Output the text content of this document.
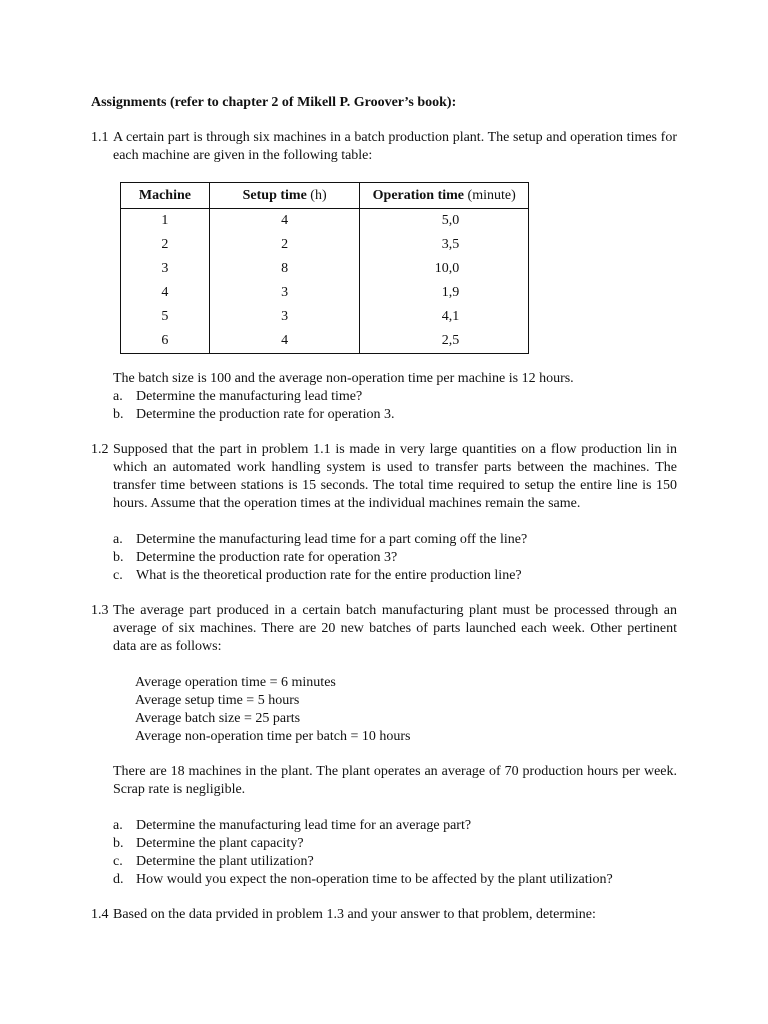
Assignments (refer to chapter 2 of Mikell P. Groover’s book):
1.1 A certain part is through six machines in a batch production plant. The setup and operation times for each machine are given in the following table:
Machine	Setup time (h)	Operation time (minute)
1	4	5,0
2	2	3,5
3	8	10,0
4	3	1,9
5	3	4,1
6	4	2,5
The batch size is 100 and the average non-operation time per machine is 12 hours.
a. Determine the manufacturing lead time?
b. Determine the production rate for operation 3.
1.2 Supposed that the part in problem 1.1 is made in very large quantities on a flow production lin in which an automated work handling system is used to transfer parts between the machines. The transfer time between stations is 15 seconds. The total time required to setup the entire line is 150 hours. Assume that the operation times at the individual machines remain the same.
a. Determine the manufacturing lead time for a part coming off the line?
b. Determine the production rate for operation 3?
c. What is the theoretical production rate for the entire production line?
1.3 The average part produced in a certain batch manufacturing plant must be processed through an average of six machines. There are 20 new batches of parts launched each week. Other pertinent data are as follows:
Average operation time = 6 minutes
Average setup time = 5 hours
Average batch size = 25 parts
Average non-operation time per batch = 10 hours
There are 18 machines in the plant. The plant operates an average of 70 production hours per week. Scrap rate is negligible.
a. Determine the manufacturing lead time for an average part?
b. Determine the plant capacity?
c. Determine the plant utilization?
d. How would you expect the non-operation time to be affected by the plant utilization?
1.4 Based on the data prvided in problem 1.3 and your answer to that problem, determine:
